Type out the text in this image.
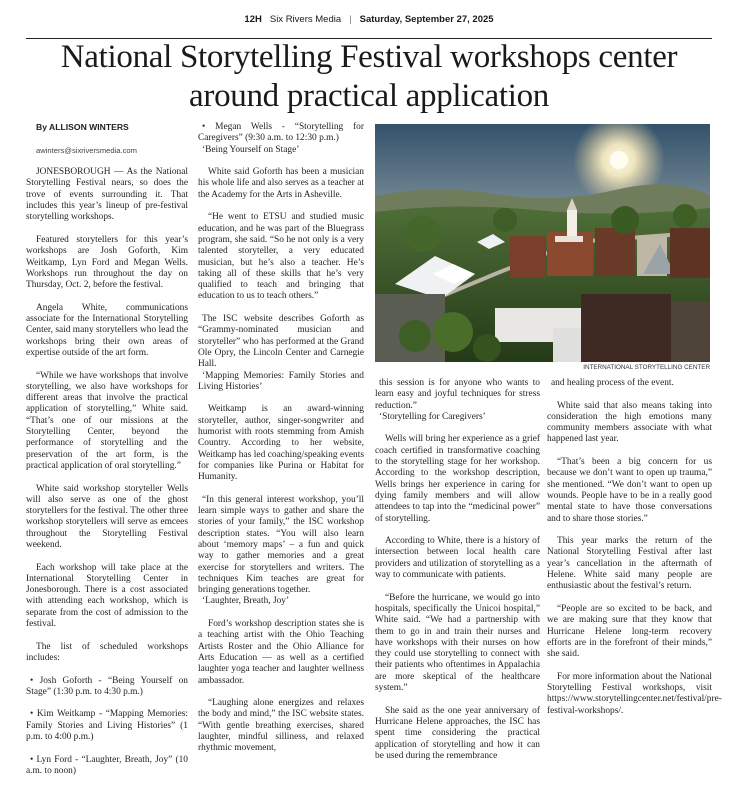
12H Six Rivers Media | Saturday, September 27, 2025
National Storytelling Festival workshops center around practical application

By ALLISON WINTERS

awinters@sixriversmedia.com

JONESBOROUGH — As the National Storytelling Festival nears, so does the trove of events surrounding it. That includes this year’s lineup of pre-festival storytelling workshops.

Featured storytellers for this year’s workshops are Josh Goforth, Kim Weitkamp, Lyn Ford and Megan Wells. Workshops run throughout the day on Thursday, Oct. 2, before the festival.

Angela White, communications associate for the International Storytelling Center, said many storytellers who lead the workshops bring their own areas of expertise outside of the art form.

“While we have workshops that involve storytelling, we also have workshops for different areas that involve the practical application of storytelling,” White said. “That’s one of our missions at the Storytelling Center, beyond the performance of storytelling and the preservation of the art form, is the practical application of oral storytelling.”

White said workshop storyteller Wells will also serve as one of the ghost storytellers for the festival. The other three workshop storytellers will serve as emcees throughout the Storytelling Festival weekend.

Each workshop will take place at the International Storytelling Center in Jonesborough. There is a cost associated with attending each workshop, which is separate from the cost of admission to the festival.

The list of scheduled workshops includes:

• Josh Goforth - “Being Yourself on Stage” (1:30 p.m. to 4:30 p.m.)

• Kim Weitkamp - “Mapping Memories: Family Stories and Living Histories” (1 p.m. to 4:00 p.m.)

• Lyn Ford - “Laughter, Breath, Joy” (10 a.m. to noon)

• Megan Wells - “Storytelling for Caregivers” (9:30 a.m. to 12:30 p.m.)

‘Being Yourself on Stage’

White said Goforth has been a musician his whole life and also serves as a teacher at the Academy for the Arts in Asheville.

“He went to ETSU and studied music education, and he was part of the Bluegrass program, she said. “So he not only is a very talented storyteller, a very educated musician, but he’s also a teacher. He’s taking all of these skills that he’s very qualified to teach and bringing that education to us to teach others.”

The ISC website describes Goforth as “Grammy-nominated musician and storyteller” who has performed at the Grand Ole Opry, the Lincoln Center and Carnegie Hall.

‘Mapping Memories: Family Stories and Living Histories’

Weitkamp is an award-winning storyteller, author, singer-songwriter and humorist with roots stemming from Amish Country. According to her website, Weitkamp has led coaching/speaking events for companies like Purina or Habitat for Humanity.

“In this general interest workshop, you’ll learn simple ways to gather and share the stories of your family,” the ISC workshop description states. “You will also learn about ‘memory maps’ – a fun and quick way to gather memories and a great exercise for storytellers and writers. The techniques Kim teaches are great for bringing generations together.

‘Laughter, Breath, Joy’

Ford’s workshop description states she is a teaching artist with the Ohio Teaching Artists Roster and the Ohio Alliance for Arts Education — as well as a certified laughter yoga teacher and laughter wellness ambassador.

“Laughing alone energizes and relaxes the body and mind,” the ISC website states. “With gentle breathing exercises, shared laughter, mindful silliness, and relaxed rhythmic movement,

INTERNATIONAL STORYTELLING CENTER

this session is for anyone who wants to learn easy and joyful techniques for stress reduction.”

‘Storytelling for Caregivers’

Wells will bring her experience as a grief coach certified in transformative coaching to the storytelling stage for her workshop. According to the workshop description, Wells brings her experience in caring for dying family members and will allow attendees to tap into the “medicinal power” of storytelling.

According to White, there is a history of intersection between local health care providers and utilization of storytelling as a way to communicate with patients.

“Before the hurricane, we would go into hospitals, specifically the Unicoi hospital,” White said. “We had a partnership with them to go in and train their nurses and have workshops with their nurses on how they could use storytelling to connect with their patients who oftentimes in Appalachia are more skeptical of the healthcare system.”

She said as the one year anniversary of Hurricane Helene approaches, the ISC has spent time considering the practical application of storytelling and how it can be used during the remembrance

and healing process of the event.

White said that also means taking into consideration the high emotions many community members associate with what happened last year.

“That’s been a big concern for us because we don’t want to open up trauma,” she mentioned. “We don’t want to open up wounds. People have to be in a really good mental state to have those conversations and to share those stories.”

This year marks the return of the National Storytelling Festival after last year’s cancellation in the aftermath of Helene. White said many people are enthusiastic about the festival’s return.

“People are so excited to be back, and we are making sure that they know that Hurricane Helene long-term recovery efforts are in the forefront of their minds,” she said.

For more information about the National Storytelling Festival workshops, visit https://www.storytellingcenter.net/festival/pre-festival-workshops/.
